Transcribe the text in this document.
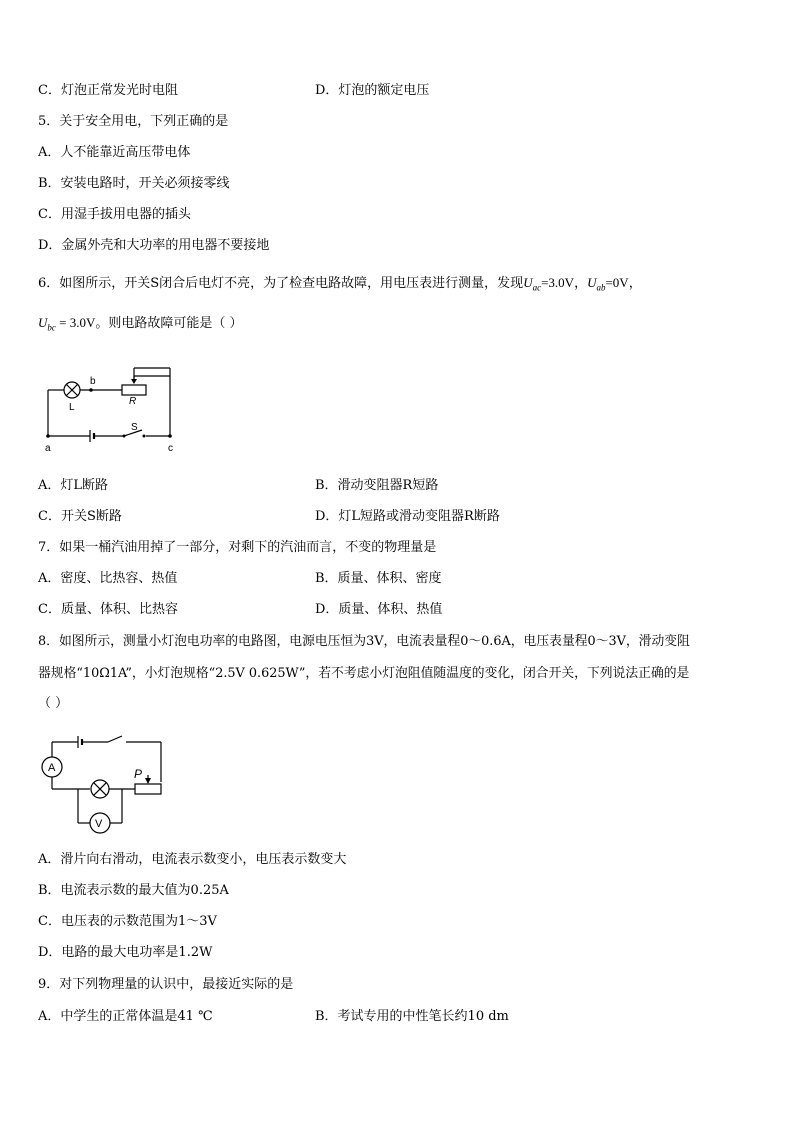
C．灯泡正常发光时电阻	D．灯泡的额定电压
5．关于安全用电，下列正确的是
A．人不能靠近高压带电体
B．安装电路时，开关必须接零线
C．用湿手拔用电器的插头
D．金属外壳和大功率的用电器不要接地
6．如图所示，开关S闭合后电灯不亮，为了检查电路故障，用电压表进行测量，发现$U_{ac}=3.0V$，$U_{ab}=0V$，
$U_{bc} = 3.0V$。则电路故障可能是（ ）
b
L
R
S
a	c
A．灯L断路	B．滑动变阻器R短路
C．开关S断路	D．灯L短路或滑动变阻器R断路
7．如果一桶汽油用掉了一部分，对剩下的汽油而言，不变的物理量是
A．密度、比热容、热值	B．质量、体积、密度
C．质量、体积、比热容	D．质量、体积、热值
8．如图所示，测量小灯泡电功率的电路图，电源电压恒为3V，电流表量程0～0.6A，电压表量程0～3V，滑动变阻
器规格“10Ω1A”，小灯泡规格“2.5V 0.625W”，若不考虑小灯泡阻值随温度的变化，闭合开关，下列说法正确的是
（ ）
A
V
P
A．滑片向右滑动，电流表示数变小，电压表示数变大
B．电流表示数的最大值为0.25A
C．电压表的示数范围为1～3V
D．电路的最大电功率是1.2W
9．对下列物理量的认识中，最接近实际的是
A．中学生的正常体温是41 ℃	B．考试专用的中性笔长约10 dm
